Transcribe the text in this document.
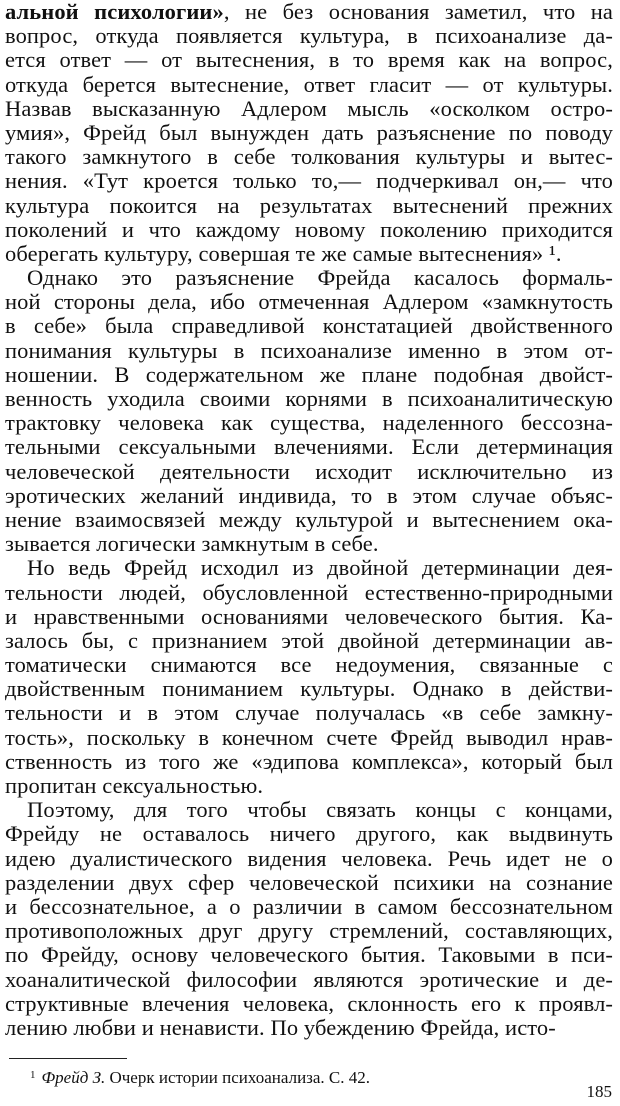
альной психологии», не без основания заметил, что на
вопрос, откуда появляется культура, в психоанализе да-
ется ответ — от вытеснения, в то время как на вопрос,
откуда берется вытеснение, ответ гласит — от культуры.
Назвав высказанную Адлером мысль «осколком остро-
умия», Фрейд был вынужден дать разъяснение по поводу
такого замкнутого в себе толкования культуры и вытес-
нения. «Тут кроется только то,— подчеркивал он,— что
культура покоится на результатах вытеснений прежних
поколений и что каждому новому поколению приходится
оберегать культуру, совершая те же самые вытеснения» ¹.
Однако это разъяснение Фрейда касалось формаль-
ной стороны дела, ибо отмеченная Адлером «замкнутость
в себе» была справедливой констатацией двойственного
понимания культуры в психоанализе именно в этом от-
ношении. В содержательном же плане подобная двойст-
венность уходила своими корнями в психоаналитическую
трактовку человека как существа, наделенного бессозна-
тельными сексуальными влечениями. Если детерминация
человеческой деятельности исходит исключительно из
эротических желаний индивида, то в этом случае объяс-
нение взаимосвязей между культурой и вытеснением ока-
зывается логически замкнутым в себе.
Но ведь Фрейд исходил из двойной детерминации дея-
тельности людей, обусловленной естественно-природными
и нравственными основаниями человеческого бытия. Ка-
залось бы, с признанием этой двойной детерминации ав-
томатически снимаются все недоумения, связанные с
двойственным пониманием культуры. Однако в действи-
тельности и в этом случае получалась «в себе замкну-
тость», поскольку в конечном счете Фрейд выводил нрав-
ственность из того же «эдипова комплекса», который был
пропитан сексуальностью.
Поэтому, для того чтобы связать концы с концами,
Фрейду не оставалось ничего другого, как выдвинуть
идею дуалистического видения человека. Речь идет не о
разделении двух сфер человеческой психики на сознание
и бессознательное, а о различии в самом бессознательном
противоположных друг другу стремлений, составляющих,
по Фрейду, основу человеческого бытия. Таковыми в пси-
хоаналитической философии являются эротические и де-
структивные влечения человека, склонность его к проявл-
лению любви и ненависти. По убеждению Фрейда, исто-
$^1$ Фрейд З. Очерк истории психоанализа. С. 42.
185
